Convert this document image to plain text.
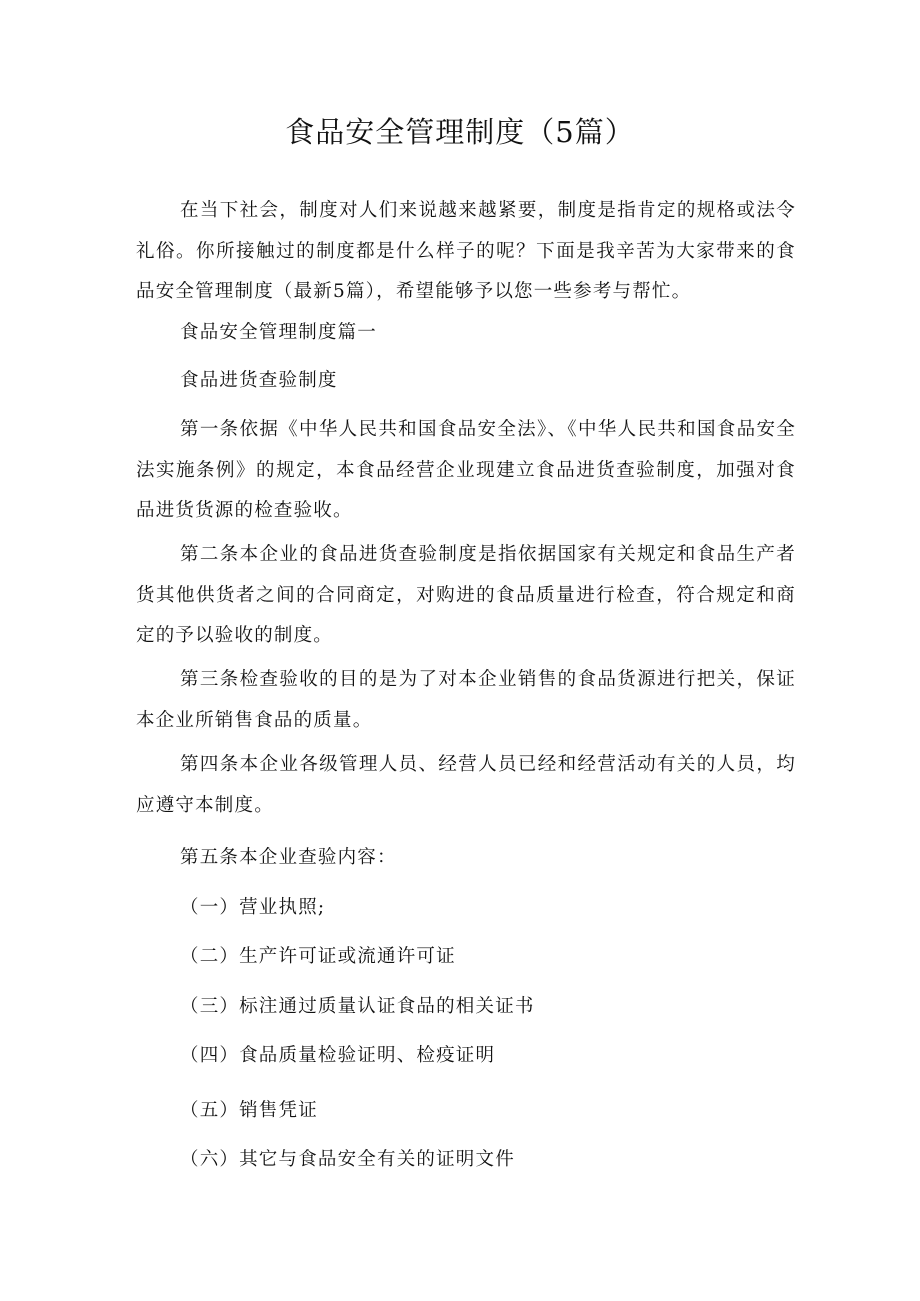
食品安全管理制度（5篇）

在当下社会，制度对人们来说越来越紧要，制度是指肯定的规格或法令礼俗。你所接触过的制度都是什么样子的呢？下面是我辛苦为大家带来的食品安全管理制度（最新5篇），希望能够予以您一些参考与帮忙。

食品安全管理制度篇一

食品进货查验制度

第一条依据《中华人民共和国食品安全法》、《中华人民共和国食品安全法实施条例》的规定，本食品经营企业现建立食品进货查验制度，加强对食品进货货源的检查验收。

第二条本企业的食品进货查验制度是指依据国家有关规定和食品生产者货其他供货者之间的合同商定，对购进的食品质量进行检查，符合规定和商定的予以验收的制度。

第三条检查验收的目的是为了对本企业销售的食品货源进行把关，保证本企业所销售食品的质量。

第四条本企业各级管理人员、经营人员已经和经营活动有关的人员，均应遵守本制度。

第五条本企业查验内容：

（一）营业执照;

（二）生产许可证或流通许可证

（三）标注通过质量认证食品的相关证书

（四）食品质量检验证明、检疫证明

（五）销售凭证

（六）其它与食品安全有关的证明文件
